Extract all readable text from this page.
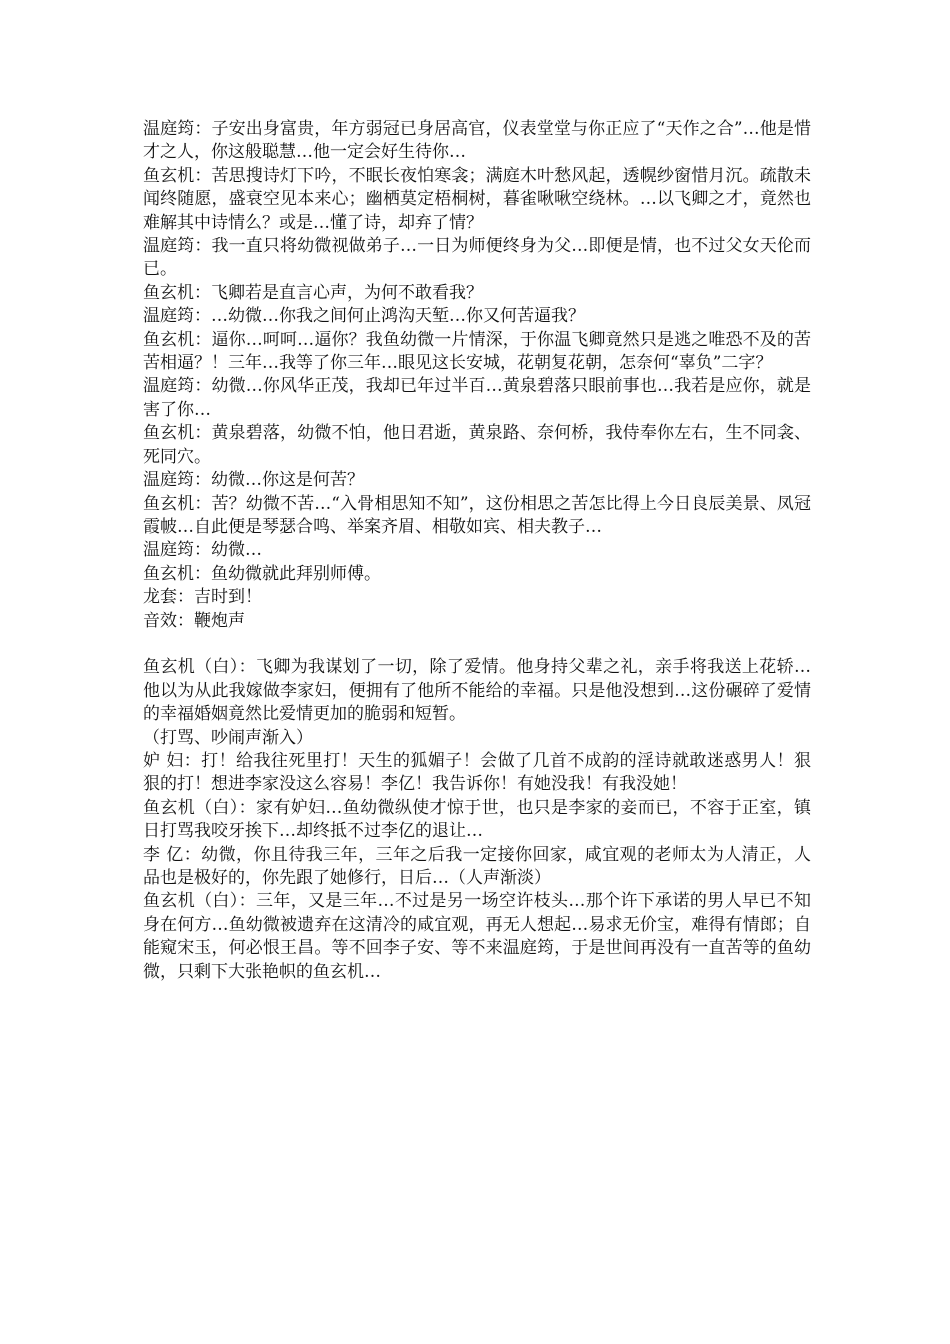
温庭筠：子安出身富贵，年方弱冠已身居高官，仪表堂堂与你正应了“天作之合”…他是惜才之人，你这般聪慧…他一定会好生待你…

鱼玄机：苦思搜诗灯下吟，不眠长夜怕寒衾；满庭木叶愁风起，透幌纱窗惜月沉。疏散未闻终随愿，盛衰空见本来心；幽栖莫定梧桐树，暮雀啾啾空绕林。…以飞卿之才，竟然也难解其中诗情么？或是…懂了诗，却弃了情？

温庭筠：我一直只将幼微视做弟子…一日为师便终身为父…即便是情，也不过父女天伦而已。

鱼玄机：飞卿若是直言心声，为何不敢看我？

温庭筠：…幼微…你我之间何止鸿沟天堑…你又何苦逼我？

鱼玄机：逼你…呵呵…逼你？我鱼幼微一片情深，于你温飞卿竟然只是逃之唯恐不及的苦苦相逼？！三年…我等了你三年…眼见这长安城，花朝复花朝，怎奈何“辜负”二字？

温庭筠：幼微…你风华正茂，我却已年过半百…黄泉碧落只眼前事也…我若是应你，就是害了你…

鱼玄机：黄泉碧落，幼微不怕，他日君逝，黄泉路、奈何桥，我侍奉你左右，生不同衾、死同穴。

温庭筠：幼微…你这是何苦？

鱼玄机：苦？幼微不苦…“入骨相思知不知”，这份相思之苦怎比得上今日良辰美景、凤冠霞帔…自此便是琴瑟合鸣、举案齐眉、相敬如宾、相夫教子…

温庭筠：幼微…

鱼玄机：鱼幼微就此拜别师傅。

龙套：吉时到！

音效：鞭炮声

鱼玄机（白）：飞卿为我谋划了一切，除了爱情。他身持父辈之礼，亲手将我送上花轿…他以为从此我嫁做李家妇，便拥有了他所不能给的幸福。只是他没想到…这份碾碎了爱情的幸福婚姻竟然比爱情更加的脆弱和短暂。

（打骂、吵闹声渐入）

妒 妇：打！给我往死里打！天生的狐媚子！会做了几首不成韵的淫诗就敢迷惑男人！狠狠的打！想进李家没这么容易！李亿！我告诉你！有她没我！有我没她！

鱼玄机（白）：家有妒妇…鱼幼微纵使才惊于世，也只是李家的妾而已，不容于正室，镇日打骂我咬牙挨下…却终抵不过李亿的退让…

李 亿：幼微，你且待我三年，三年之后我一定接你回家，咸宜观的老师太为人清正，人品也是极好的，你先跟了她修行，日后…（人声渐淡）

鱼玄机（白）：三年，又是三年…不过是另一场空许枝头…那个许下承诺的男人早已不知身在何方…鱼幼微被遗弃在这清冷的咸宜观，再无人想起…易求无价宝，难得有情郎；自能窥宋玉，何必恨王昌。等不回李子安、等不来温庭筠，于是世间再没有一直苦等的鱼幼微，只剩下大张艳帜的鱼玄机…
